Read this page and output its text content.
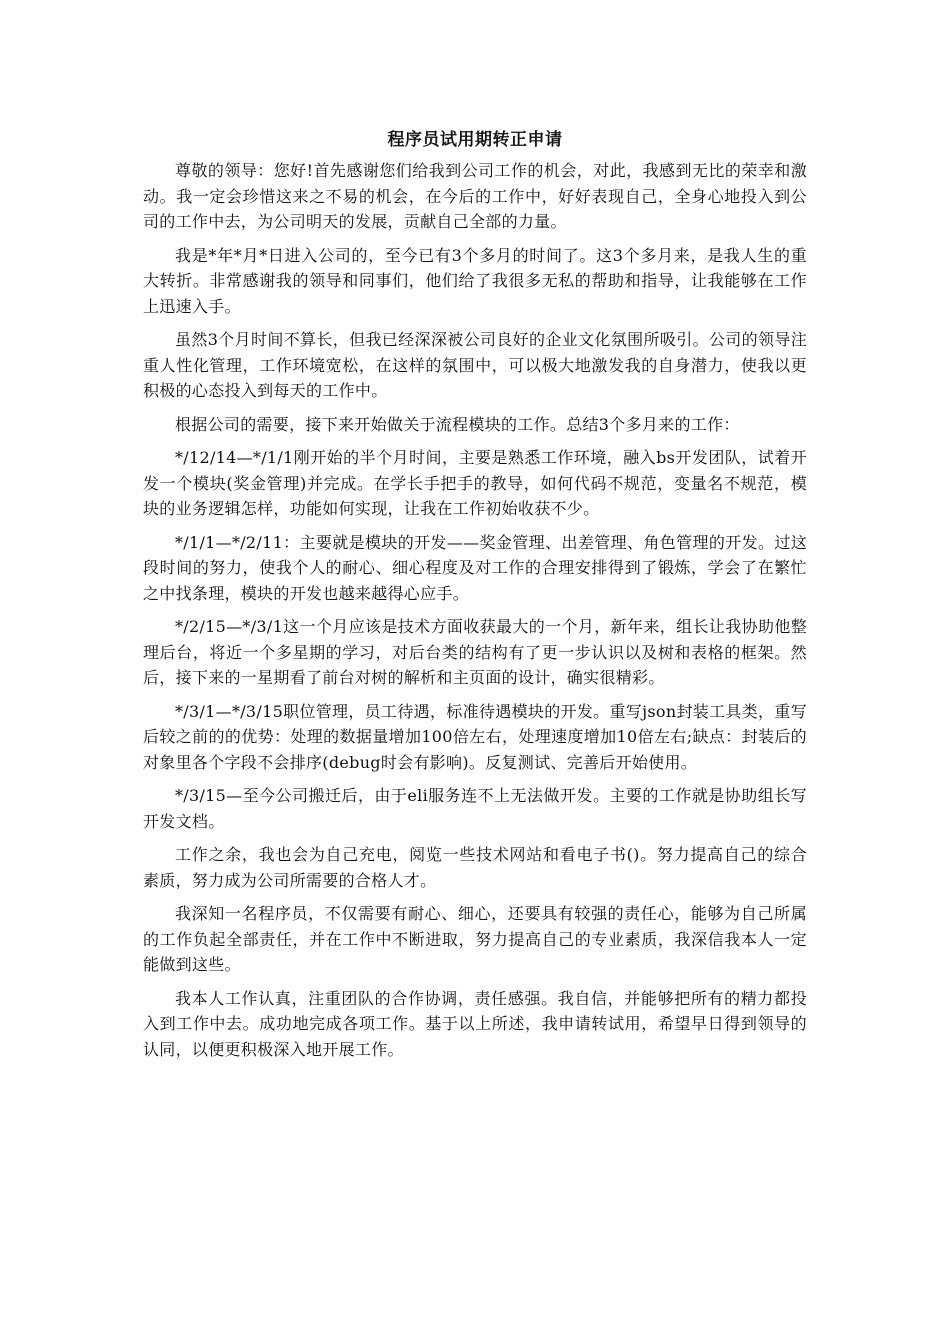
程序员试用期转正申请

尊敬的领导：您好!首先感谢您们给我到公司工作的机会，对此，我感到无比的荣幸和激动。我一定会珍惜这来之不易的机会，在今后的工作中，好好表现自己，全身心地投入到公司的工作中去，为公司明天的发展，贡献自己全部的力量。

我是*年*月*日进入公司的，至今已有3个多月的时间了。这3个多月来，是我人生的重大转折。非常感谢我的领导和同事们，他们给了我很多无私的帮助和指导，让我能够在工作上迅速入手。

虽然3个月时间不算长，但我已经深深被公司良好的企业文化氛围所吸引。公司的领导注重人性化管理，工作环境宽松，在这样的氛围中，可以极大地激发我的自身潜力，使我以更积极的心态投入到每天的工作中。

根据公司的需要，接下来开始做关于流程模块的工作。总结3个多月来的工作：

*/12/14—*/1/1刚开始的半个月时间，主要是熟悉工作环境，融入bs开发团队，试着开发一个模块(奖金管理)并完成。在学长手把手的教导，如何代码不规范，变量名不规范，模块的业务逻辑怎样，功能如何实现，让我在工作初始收获不少。

*/1/1—*/2/11：主要就是模块的开发——奖金管理、出差管理、角色管理的开发。过这段时间的努力，使我个人的耐心、细心程度及对工作的合理安排得到了锻炼，学会了在繁忙之中找条理，模块的开发也越来越得心应手。

*/2/15—*/3/1这一个月应该是技术方面收获最大的一个月，新年来，组长让我协助他整理后台，将近一个多星期的学习，对后台类的结构有了更一步认识以及树和表格的框架。然后，接下来的一星期看了前台对树的解析和主页面的设计，确实很精彩。

*/3/1—*/3/15职位管理，员工待遇，标准待遇模块的开发。重写json封装工具类，重写后较之前的的优势：处理的数据量增加100倍左右，处理速度增加10倍左右;缺点：封装后的对象里各个字段不会排序(debug时会有影响)。反复测试、完善后开始使用。

*/3/15—至今公司搬迁后，由于eli服务连不上无法做开发。主要的工作就是协助组长写开发文档。

工作之余，我也会为自己充电，阅览一些技术网站和看电子书()。努力提高自己的综合素质，努力成为公司所需要的合格人才。

我深知一名程序员，不仅需要有耐心、细心，还要具有较强的责任心，能够为自己所属的工作负起全部责任，并在工作中不断进取，努力提高自己的专业素质，我深信我本人一定能做到这些。

我本人工作认真，注重团队的合作协调，责任感强。我自信，并能够把所有的精力都投入到工作中去。成功地完成各项工作。基于以上所述，我申请转试用，希望早日得到领导的认同，以便更积极深入地开展工作。
